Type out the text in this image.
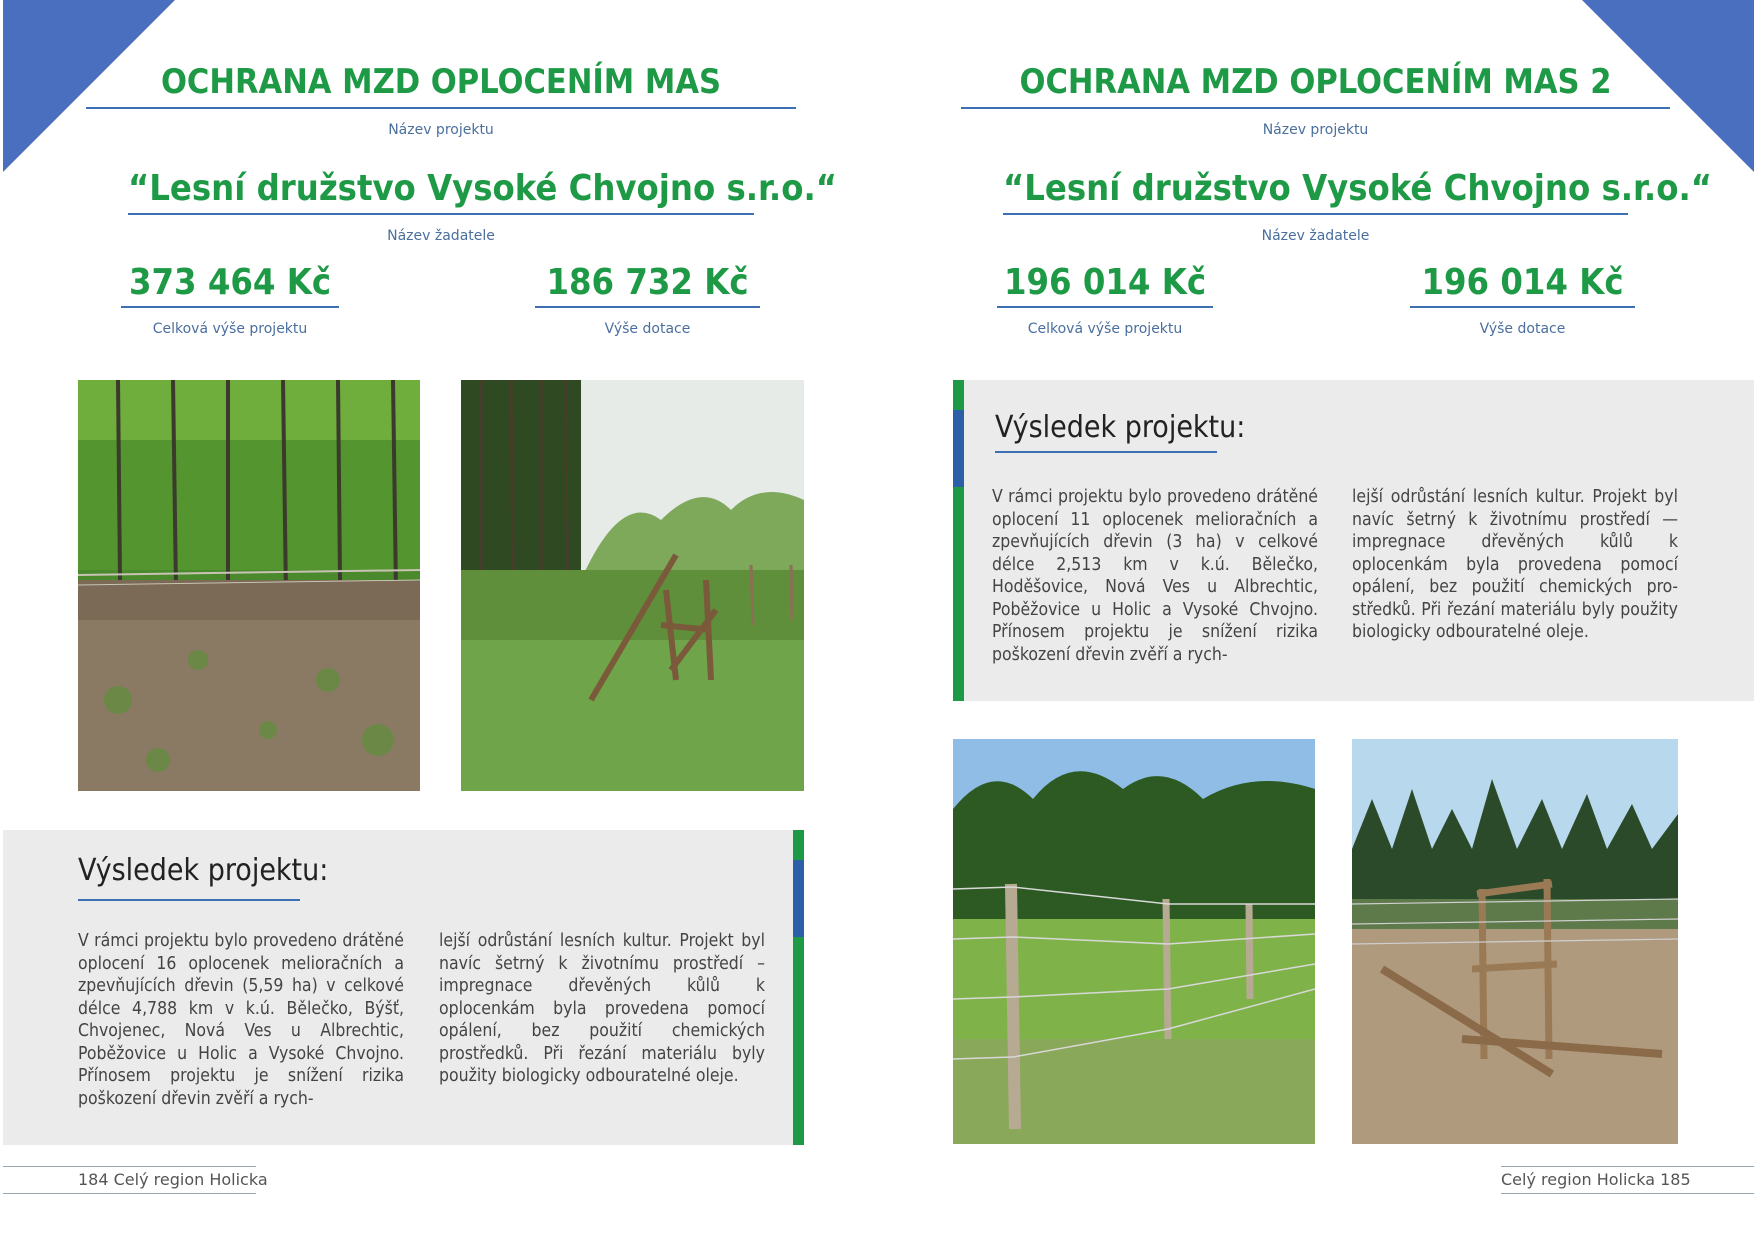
OCHRANA MZD OPLOCENÍM MAS
Název projektu
“Lesní družstvo Vysoké Chvojno s.r.o.“
Název žadatele
373 464 Kč
Celková výše projektu
186 732 Kč
Výše dotace
Výsledek projektu:
V rámci projektu bylo provedeno drátěné oplocení 16 oplocenek melioračních a zpevňujících dřevin (5,59 ha) v celkové délce 4,788 km v k.ú. Bělečko, Býšť, Chvojenec, Nová Ves u Albrechtic, Poběžovice u Holic a Vysoké Chvojno. Přínosem projektu je snížení rizika poškození dřevin zvěří a rych-
lejší odrůstání lesních kultur. Projekt byl navíc šetrný k životnímu prostředí – impregnace dřevěných kůlů k oplocenkám byla provedena pomocí opálení, bez použití chemických prostředků. Při řezání materiálu byly použity biologicky odbouratelné oleje.
184 Celý region Holicka
OCHRANA MZD OPLOCENÍM MAS 2
Název projektu
“Lesní družstvo Vysoké Chvojno s.r.o.“
Název žadatele
196 014 Kč
Celková výše projektu
196 014 Kč
Výše dotace
Výsledek projektu:
V rámci projektu bylo provedeno drátěné oplocení 11 oplocenek melioračních a zpevňujících dřevin (3 ha) v celkové délce 2,513 km v k.ú. Bělečko, Hoděšovice, Nová Ves u Albrechtic, Poběžovice u Holic a Vysoké Chvojno. Přínosem projektu je snížení rizika poškození dřevin zvěří a rych-
lejší odrůstání lesních kultur. Projekt byl navíc šetrný k životnímu prostředí — impregnace dřevěných kůlů k oplocenkám byla provedena pomocí opálení, bez použití chemických prostředků. Při řezání materiálu byly použity biologicky odbouratelné oleje.
Celý region Holicka 185
